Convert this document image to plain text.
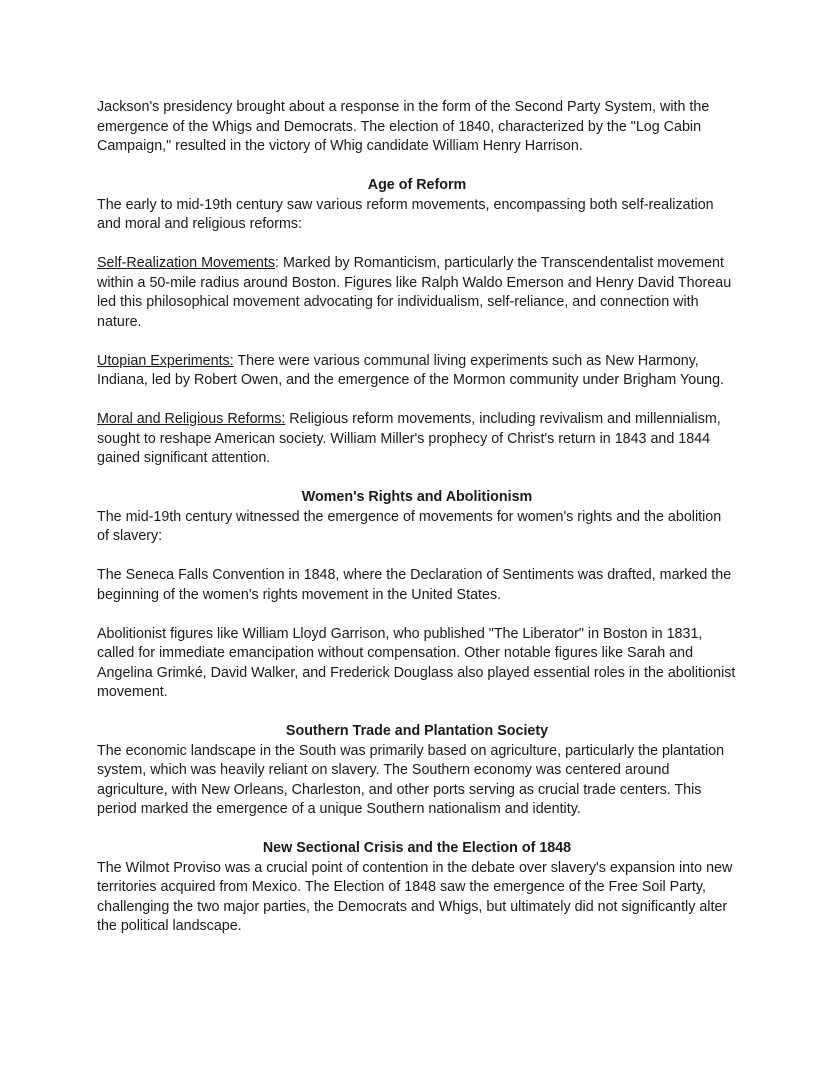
Jackson's presidency brought about a response in the form of the Second Party System, with the emergence of the Whigs and Democrats. The election of 1840, characterized by the "Log Cabin Campaign," resulted in the victory of Whig candidate William Henry Harrison.

Age of Reform

The early to mid-19th century saw various reform movements, encompassing both self-realization and moral and religious reforms:

Self-Realization Movements: Marked by Romanticism, particularly the Transcendentalist movement within a 50-mile radius around Boston. Figures like Ralph Waldo Emerson and Henry David Thoreau led this philosophical movement advocating for individualism, self-reliance, and connection with nature.

Utopian Experiments: There were various communal living experiments such as New Harmony, Indiana, led by Robert Owen, and the emergence of the Mormon community under Brigham Young.

Moral and Religious Reforms: Religious reform movements, including revivalism and millennialism, sought to reshape American society. William Miller's prophecy of Christ's return in 1843 and 1844 gained significant attention.

Women's Rights and Abolitionism

The mid-19th century witnessed the emergence of movements for women's rights and the abolition of slavery:

The Seneca Falls Convention in 1848, where the Declaration of Sentiments was drafted, marked the beginning of the women's rights movement in the United States.

Abolitionist figures like William Lloyd Garrison, who published "The Liberator" in Boston in 1831, called for immediate emancipation without compensation. Other notable figures like Sarah and Angelina Grimké, David Walker, and Frederick Douglass also played essential roles in the abolitionist movement.

Southern Trade and Plantation Society

The economic landscape in the South was primarily based on agriculture, particularly the plantation system, which was heavily reliant on slavery. The Southern economy was centered around agriculture, with New Orleans, Charleston, and other ports serving as crucial trade centers. This period marked the emergence of a unique Southern nationalism and identity.

New Sectional Crisis and the Election of 1848

The Wilmot Proviso was a crucial point of contention in the debate over slavery's expansion into new territories acquired from Mexico. The Election of 1848 saw the emergence of the Free Soil Party, challenging the two major parties, the Democrats and Whigs, but ultimately did not significantly alter the political landscape.
